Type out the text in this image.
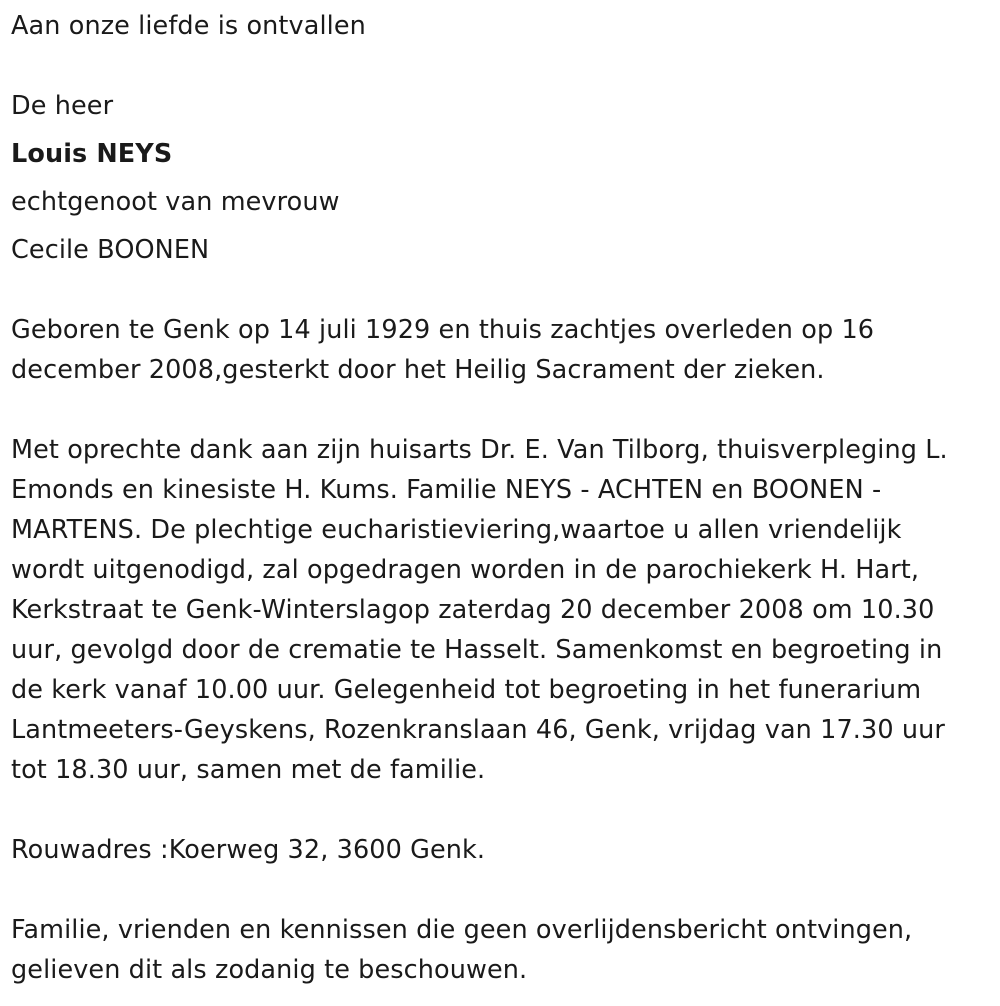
Aan onze liefde is ontvallen
De heer
Louis NEYS
echtgenoot van mevrouw
Cecile BOONEN
Geboren te Genk op 14 juli 1929 en thuis zachtjes overleden op 16
december 2008,gesterkt door het Heilig Sacrament der zieken.
Met oprechte dank aan zijn huisarts Dr. E. Van Tilborg, thuisverpleging L.
Emonds en kinesiste H. Kums. Familie NEYS - ACHTEN en BOONEN -
MARTENS. De plechtige eucharistieviering,waartoe u allen vriendelijk
wordt uitgenodigd, zal opgedragen worden in de parochiekerk H. Hart,
Kerkstraat te Genk-Winterslagop zaterdag 20 december 2008 om 10.30
uur, gevolgd door de crematie te Hasselt. Samenkomst en begroeting in
de kerk vanaf 10.00 uur. Gelegenheid tot begroeting in het funerarium
Lantmeeters-Geyskens, Rozenkranslaan 46, Genk, vrijdag van 17.30 uur
tot 18.30 uur, samen met de familie.
Rouwadres :Koerweg 32, 3600 Genk.
Familie, vrienden en kennissen die geen overlijdensbericht ontvingen,
gelieven dit als zodanig te beschouwen.
